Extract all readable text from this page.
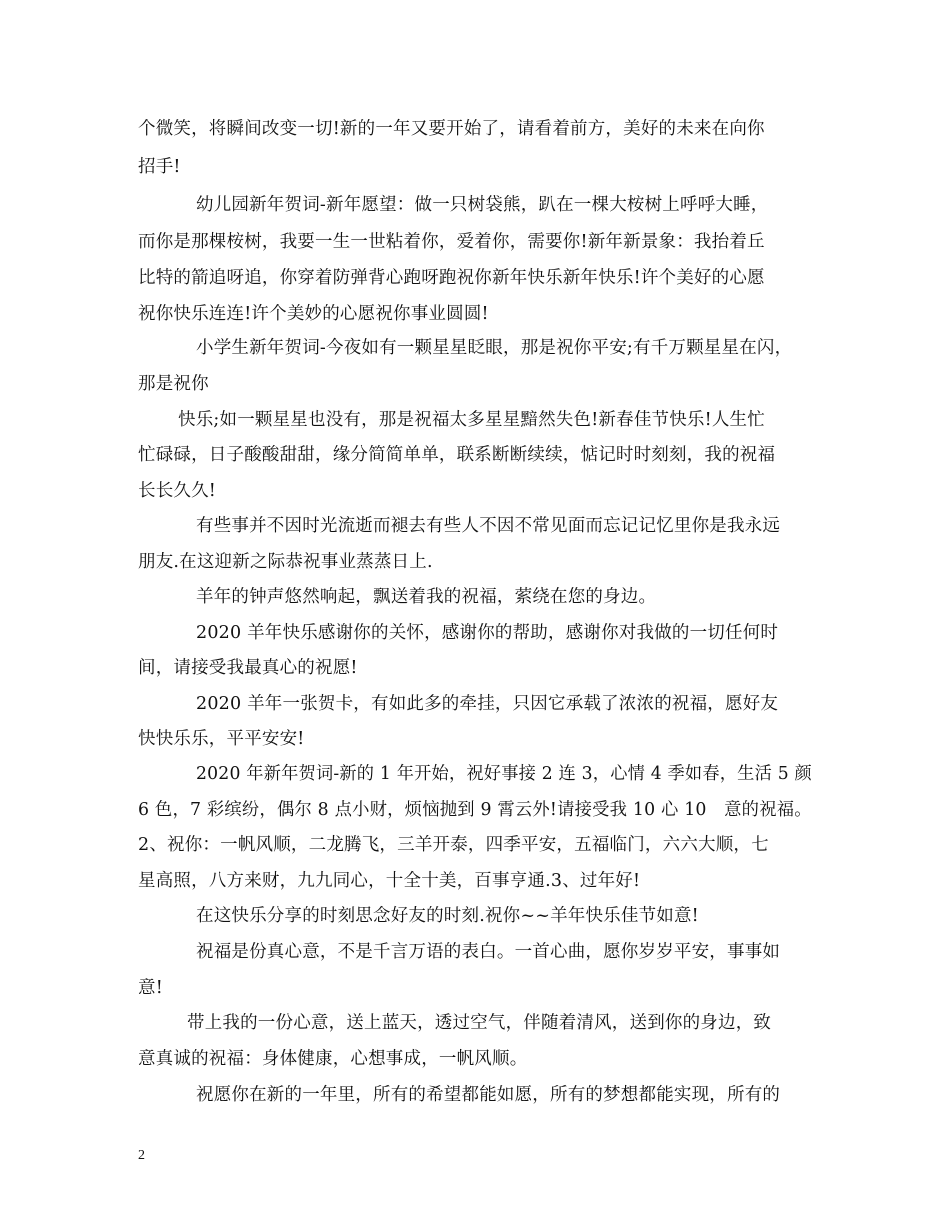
个微笑，将瞬间改变一切!新的一年又要开始了，请看着前方，美好的未来在向你
招手!
幼儿园新年贺词-新年愿望：做一只树袋熊，趴在一棵大桉树上呼呼大睡，
而你是那棵桉树，我要一生一世粘着你，爱着你，需要你!新年新景象：我抬着丘
比特的箭追呀追，你穿着防弹背心跑呀跑祝你新年快乐新年快乐!许个美好的心愿
祝你快乐连连!许个美妙的心愿祝你事业圆圆!
小学生新年贺词-今夜如有一颗星星眨眼，那是祝你平安;有千万颗星星在闪，
那是祝你
快乐;如一颗星星也没有，那是祝福太多星星黯然失色!新春佳节快乐!人生忙
忙碌碌，日子酸酸甜甜，缘分简简单单，联系断断续续，惦记时时刻刻，我的祝福
长长久久!
有些事并不因时光流逝而褪去有些人不因不常见面而忘记记忆里你是我永远
朋友.在这迎新之际恭祝事业蒸蒸日上.
羊年的钟声悠然响起，飘送着我的祝福，萦绕在您的身边。
2020 羊年快乐感谢你的关怀，感谢你的帮助，感谢你对我做的一切任何时
间，请接受我最真心的祝愿!
2020 羊年一张贺卡，有如此多的牵挂，只因它承载了浓浓的祝福，愿好友
快快乐乐，平平安安!
2020 年新年贺词-新的 1 年开始，祝好事接 2 连 3，心情 4 季如春，生活 5 颜
6 色，7 彩缤纷，偶尔 8 点小财，烦恼抛到 9 霄云外!请接受我 10 心 10　意的祝福。
2、祝你：一帆风顺，二龙腾飞，三羊开泰，四季平安，五福临门，六六大顺，七
星高照，八方来财，九九同心，十全十美，百事亨通.3、过年好!
在这快乐分享的时刻思念好友的时刻.祝你~~羊年快乐佳节如意!
祝福是份真心意，不是千言万语的表白。一首心曲，愿你岁岁平安，事事如
意!
带上我的一份心意，送上蓝天，透过空气，伴随着清风，送到你的身边，致
意真诚的祝福：身体健康，心想事成，一帆风顺。
祝愿你在新的一年里，所有的希望都能如愿，所有的梦想都能实现，所有的
2
